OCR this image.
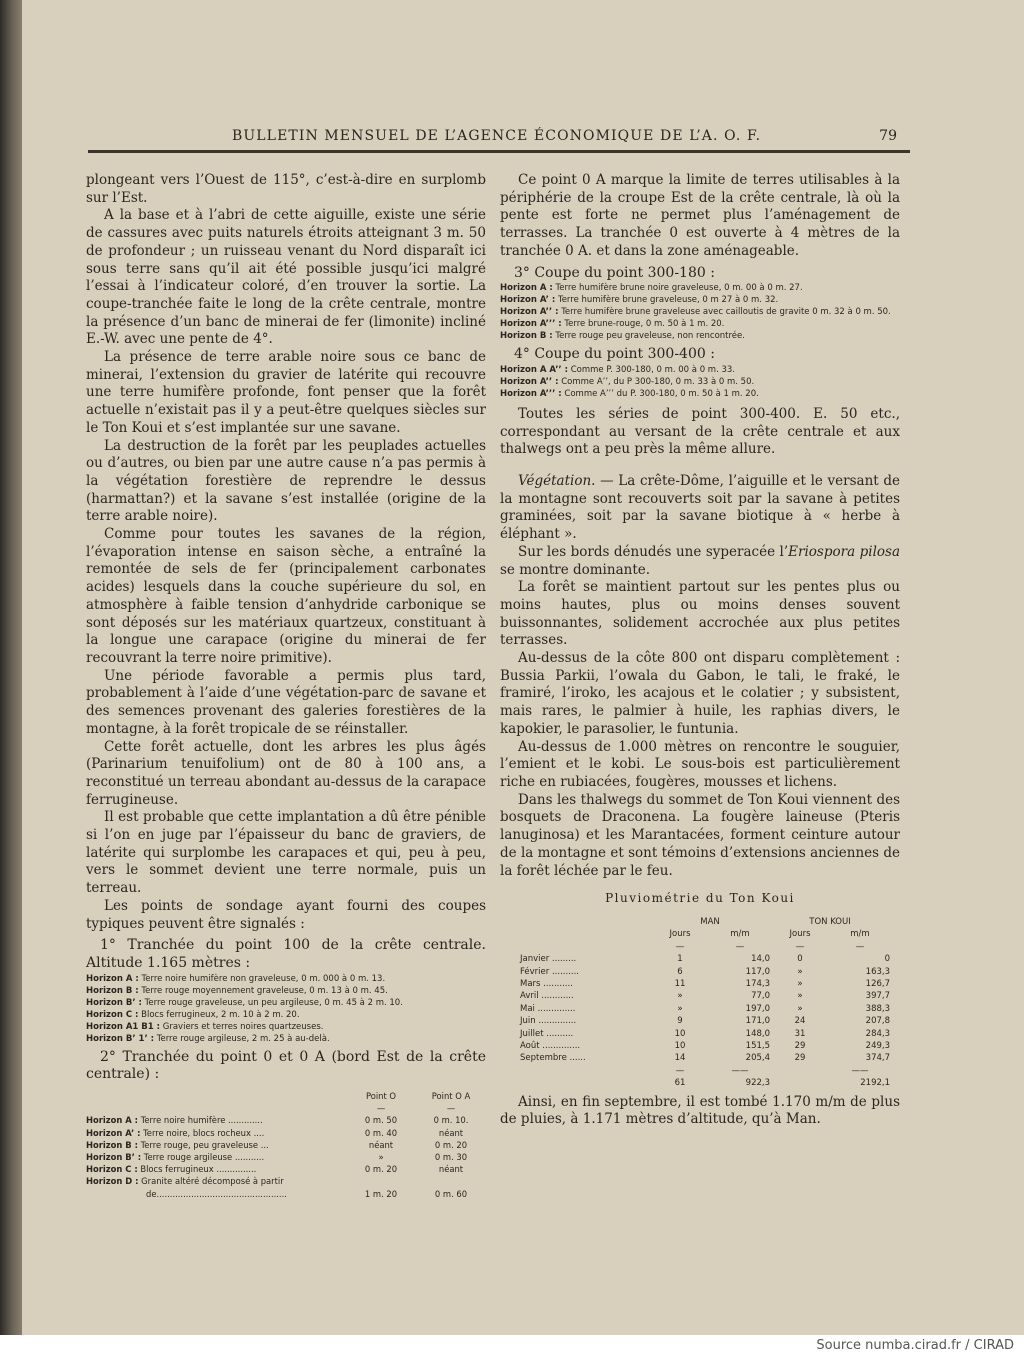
BULLETIN MENSUEL DE L’AGENCE ÉCONOMIQUE DE L’A. O. F.	79

plongeant vers l’Ouest de 115°, c’est-à-dire en surplomb sur l’Est.

A la base et à l’abri de cette aiguille, existe une série de cassures avec puits naturels étroits atteignant 3 m. 50 de profondeur ; un ruisseau venant du Nord disparaît ici sous terre sans qu’il ait été possible jusqu’ici malgré l’essai à l’indicateur coloré, d’en trouver la sortie. La coupe-tranchée faite le long de la crête centrale, montre la présence d’un banc de minerai de fer (limonite) incliné E.-W. avec une pente de 4°.

La présence de terre arable noire sous ce banc de minerai, l’extension du gravier de latérite qui recouvre une terre humifère profonde, font penser que la forêt actuelle n’existait pas il y a peut-être quelques siècles sur le Ton Koui et s’est implantée sur une savane.

La destruction de la forêt par les peuplades actuelles ou d’autres, ou bien par une autre cause n’a pas permis à la végétation forestière de reprendre le dessus (harmattan?) et la savane s’est installée (origine de la terre arable noire).

Comme pour toutes les savanes de la région, l’évaporation intense en saison sèche, a entraîné la remontée de sels de fer (principalement carbonates acides) lesquels dans la couche supérieure du sol, en atmosphère à faible tension d’anhydride carbonique se sont déposés sur les matériaux quartzeux, constituant à la longue une carapace (origine du minerai de fer recouvrant la terre noire primitive).

Une période favorable a permis plus tard, probablement à l’aide d’une végétation-parc de savane et des semences provenant des galeries forestières de la montagne, à la forêt tropicale de se réinstaller.

Cette forêt actuelle, dont les arbres les plus âgés (Parinarium tenuifolium) ont de 80 à 100 ans, a reconstitué un terreau abondant au-dessus de la carapace ferrugineuse.

Il est probable que cette implantation a dû être pénible si l’on en juge par l’épaisseur du banc de graviers, de latérite qui surplombe les carapaces et qui, peu à peu, vers le sommet devient une terre normale, puis un terreau.

Les points de sondage ayant fourni des coupes typiques peuvent être signalés :

1° Tranchée du point 100 de la crête centrale. Altitude 1.165 mètres :

Horizon A : Terre noire humifère non graveleuse, 0 m. 000 à 0 m. 13.
Horizon B : Terre rouge moyennement graveleuse, 0 m. 13 à 0 m. 45.
Horizon B’ : Terre rouge graveleuse, un peu argileuse, 0 m. 45 à 2 m. 10.
Horizon C : Blocs ferrugineux, 2 m. 10 à 2 m. 20.
Horizon A1 B1 : Graviers et terres noires quartzeuses.
Horizon B’ 1’ : Terre rouge argileuse, 2 m. 25 à au-delà.

2° Tranchée du point 0 et 0 A (bord Est de la crête centrale) :

	Point O	Point O A
	—	—
Horizon A : Terre noire humifère .............	0 m. 50	0 m. 10.
Horizon A’ : Terre noire, blocs rocheux ....	0 m. 40	néant
Horizon B : Terre rouge, peu graveleuse ...	néant	0 m. 20
Horizon B’ : Terre rouge argileuse ...........	»	0 m. 30
Horizon C : Blocs ferrugineux ...............	0 m. 20	néant
Horizon D : Granite altéré décomposé à partir		
de.................................................	1 m. 20	0 m. 60

Ce point 0 A marque la limite de terres utilisables à la périphérie de la croupe Est de la crête centrale, là où la pente est forte ne permet plus l’aménagement de terrasses. La tranchée 0 est ouverte à 4 mètres de la tranchée 0 A. et dans la zone aménageable.

3° Coupe du point 300-180 :

Horizon A : Terre humifère brune noire graveleuse, 0 m. 00 à 0 m. 27.
Horizon A’ : Terre humifère brune graveleuse, 0 m 27 à 0 m. 32.
Horizon A’’ : Terre humifère brune graveleuse avec cailloutis de gravite 0 m. 32 à 0 m. 50.
Horizon A’’’ : Terre brune-rouge, 0 m. 50 à 1 m. 20.
Horizon B : Terre rouge peu graveleuse, non rencontrée.

4° Coupe du point 300-400 :

Horizon A A’’ : Comme P. 300-180, 0 m. 00 à 0 m. 33.
Horizon A’’ : Comme A’’, du P 300-180, 0 m. 33 à 0 m. 50.
Horizon A’’’ : Comme A’’’ du P. 300-180, 0 m. 50 à 1 m. 20.

Toutes les séries de point 300-400. E. 50 etc., correspondant au versant de la crête centrale et aux thalwegs ont a peu près la même allure.

Végétation. — La crête-Dôme, l’aiguille et le versant de la montagne sont recouverts soit par la savane à petites graminées, soit par la savane biotique à « herbe à éléphant ».

Sur les bords dénudés une syperacée l’Eriospora pilosa se montre dominante.

La forêt se maintient partout sur les pentes plus ou moins hautes, plus ou moins denses souvent buissonnantes, solidement accrochée aux plus petites terrasses.

Au-dessus de la côte 800 ont disparu complètement : Bussia Parkii, l’owala du Gabon, le tali, le fraké, le framiré, l’iroko, les acajous et le colatier ; y subsistent, mais rares, le palmier à huile, les raphias divers, le kapokier, le parasolier, le funtunia.

Au-dessus de 1.000 mètres on rencontre le souguier, l’emient et le kobi. Le sous-bois est particulièrement riche en rubiacées, fougères, mousses et lichens.

Dans les thalwegs du sommet de Ton Koui viennent des bosquets de Draconena. La fougère laineuse (Pteris lanuginosa) et les Marantacées, forment ceinture autour de la montagne et sont témoins d’extensions anciennes de la forêt léchée par le feu.

Pluviométrie du Ton Koui
	MAN		TON KOUI	
	Jours	m/m	Jours	m/m
	—	—	—	—
Janvier .........	1	14,0	0	0
Février ..........	6	117,0	»	163,3
Mars ...........	11	174,3	»	126,7
Avril ............	»	77,0	»	397,7
Mai ..............	»	197,0	»	388,3
Juin ..............	9	171,0	24	207,8
Juillet ..........	10	148,0	31	284,3
Août ..............	10	151,5	29	249,3
Septembre ......	14	205,4	29	374,7
	—	——		——
	61	922,3		2192,1

Ainsi, en fin septembre, il est tombé 1.170 m/m de plus de pluies, à 1.171 mètres d’altitude, qu’à Man.

Source numba.cirad.fr / CIRAD
